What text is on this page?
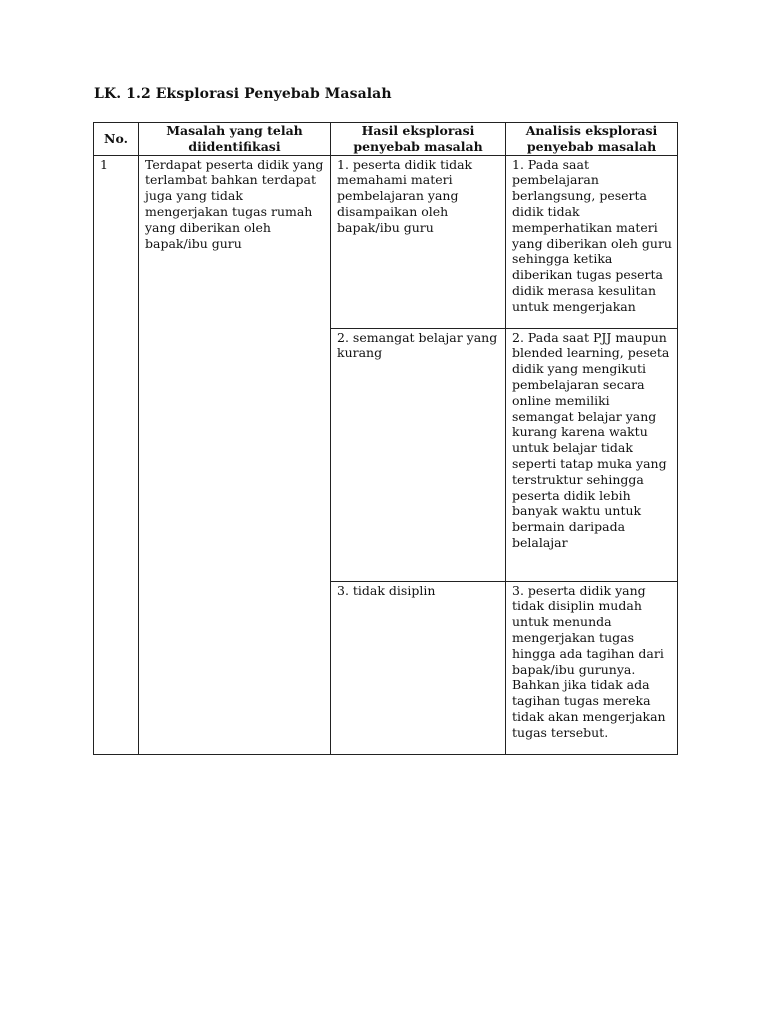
LK. 1.2 Eksplorasi Penyebab Masalah
No.	Masalah yang telah diidentifikasi	Hasil eksplorasi penyebab masalah	Analisis eksplorasi penyebab masalah
1	Terdapat peserta didik yang terlambat bahkan terdapat juga yang tidak mengerjakan tugas rumah yang diberikan oleh bapak/ibu guru	1. peserta didik tidak memahami materi pembelajaran yang disampaikan oleh bapak/ibu guru	1. Pada saat pembelajaran berlangsung, peserta didik tidak memperhatikan materi yang diberikan oleh guru sehingga ketika diberikan tugas peserta didik merasa kesulitan untuk mengerjakan
		2. semangat belajar yang kurang	2. Pada saat PJJ maupun blended learning, peseta didik yang mengikuti pembelajaran secara online memiliki semangat belajar yang kurang karena waktu untuk belajar tidak seperti tatap muka yang terstruktur sehingga peserta didik lebih banyak waktu untuk bermain daripada belalajar
		3. tidak disiplin	3. peserta didik yang tidak disiplin mudah untuk menunda mengerjakan tugas hingga ada tagihan dari bapak/ibu gurunya. Bahkan jika tidak ada tagihan tugas mereka tidak akan mengerjakan tugas tersebut.
